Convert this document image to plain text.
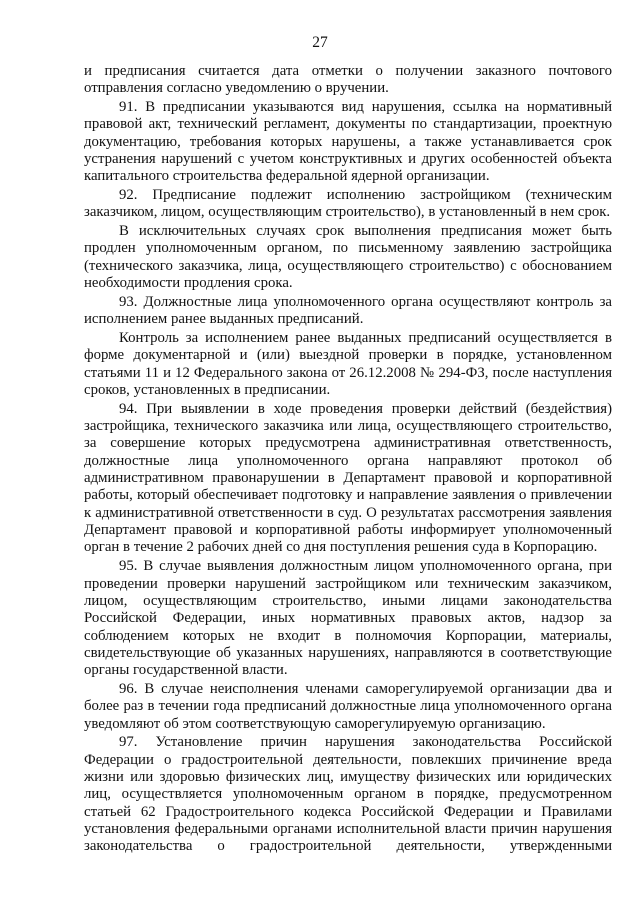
27

и предписания считается дата отметки о получении заказного почтового отправления согласно уведомлению о вручении.

91. В предписании указываются вид нарушения, ссылка на нормативный правовой акт, технический регламент, документы по стандартизации, проектную документацию, требования которых нарушены, а также устанавливается срок устранения нарушений с учетом конструктивных и других особенностей объекта капитального строительства федеральной ядерной организации.

92. Предписание подлежит исполнению застройщиком (техническим заказчиком, лицом, осуществляющим строительство), в установленный в нем срок.

В исключительных случаях срок выполнения предписания может быть продлен уполномоченным органом, по письменному заявлению застройщика (технического заказчика, лица, осуществляющего строительство) с обоснованием необходимости продления срока.

93. Должностные лица уполномоченного органа осуществляют контроль за исполнением ранее выданных предписаний.

Контроль за исполнением ранее выданных предписаний осуществляется в форме документарной и (или) выездной проверки в порядке, установленном статьями 11 и 12 Федерального закона от 26.12.2008 № 294-ФЗ, после наступления сроков, установленных в предписании.

94. При выявлении в ходе проведения проверки действий (бездействия) застройщика, технического заказчика или лица, осуществляющего строительство, за совершение которых предусмотрена административная ответственность, должностные лица уполномоченного органа направляют протокол об административном правонарушении в Департамент правовой и корпоративной работы, который обеспечивает подготовку и направление заявления о привлечении к административной ответственности в суд. О результатах рассмотрения заявления Департамент правовой и корпоративной работы информирует уполномоченный орган в течение 2 рабочих дней со дня поступления решения суда в Корпорацию.

95. В случае выявления должностным лицом уполномоченного органа, при проведении проверки нарушений застройщиком или техническим заказчиком, лицом, осуществляющим строительство, иными лицами законодательства Российской Федерации, иных нормативных правовых актов, надзор за соблюдением которых не входит в полномочия Корпорации, материалы, свидетельствующие об указанных нарушениях, направляются в соответствующие органы государственной власти.

96. В случае неисполнения членами саморегулируемой организации два и более раз в течении года предписаний должностные лица уполномоченного органа уведомляют об этом соответствующую саморегулируемую организацию.

97. Установление причин нарушения законодательства Российской Федерации о градостроительной деятельности, повлекших причинение вреда жизни или здоровью физических лиц, имуществу физических или юридических лиц, осуществляется уполномоченным органом в порядке, предусмотренном статьей 62 Градостроительного кодекса Российской Федерации и Правилами установления федеральными органами исполнительной власти причин нарушения законодательства о градостроительной деятельности, утвержденными
